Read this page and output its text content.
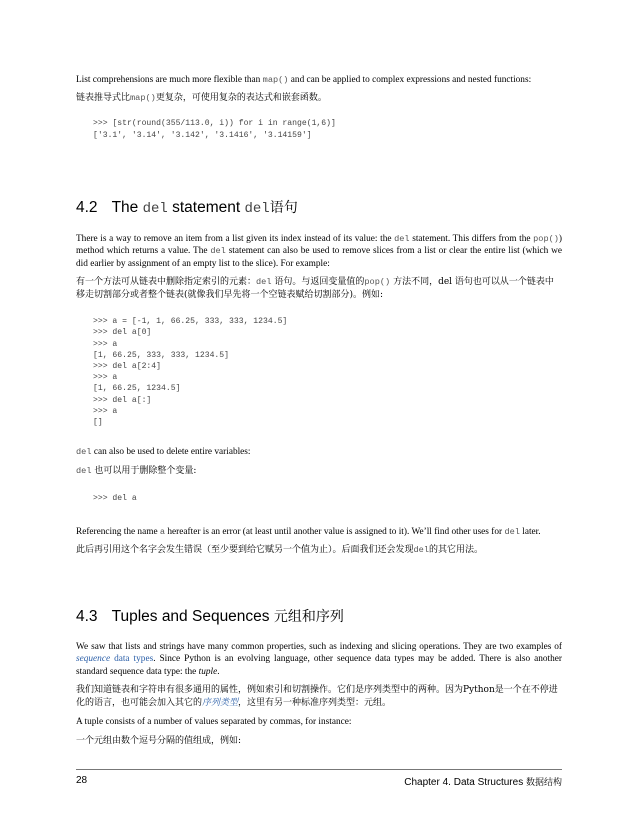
List comprehensions are much more flexible than map() and can be applied to complex expressions and nested functions:

链表推导式比map()更复杂，可使用复杂的表达式和嵌套函数。

>>> [str(round(355/113.0, i)) for i in range(1,6)]
['3.1', '3.14', '3.142', '3.1416', '3.14159']
4.2 The del statement del语句

There is a way to remove an item from a list given its index instead of its value: the del statement. This differs from the pop()) method which returns a value. The del statement can also be used to remove slices from a list or clear the entire list (which we did earlier by assignment of an empty list to the slice). For example:

有一个方法可从链表中删除指定索引的元素：del 语句。与返回变量值的pop() 方法不同，del 语句也可以从一个链表中移走切割部分或者整个链表(就像我们早先将一个空链表赋给切割部分)。例如:

>>> a = [-1, 1, 66.25, 333, 333, 1234.5]
>>> del a[0]
>>> a
[1, 66.25, 333, 333, 1234.5]
>>> del a[2:4]
>>> a
[1, 66.25, 1234.5]
>>> del a[:]
>>> a
[]

del can also be used to delete entire variables:

del 也可以用于删除整个变量:

>>> del a

Referencing the name a hereafter is an error (at least until another value is assigned to it). We’ll find other uses for del later.

此后再引用这个名字会发生错误（至少要到给它赋另一个值为止）。后面我们还会发现del的其它用法。

4.3 Tuples and Sequences 元组和序列

We saw that lists and strings have many common properties, such as indexing and slicing operations. They are two examples of sequence data types. Since Python is an evolving language, other sequence data types may be added. There is also another standard sequence data type: the tuple.

我们知道链表和字符串有很多通用的属性，例如索引和切割操作。它们是序列类型中的两种。因为Python是一个在不停进化的语言，也可能会加入其它的序列类型，这里有另一种标准序列类型：元组。

A tuple consists of a number of values separated by commas, for instance:

一个元组由数个逗号分隔的值组成，例如:

28	Chapter 4. Data Structures 数据结构
